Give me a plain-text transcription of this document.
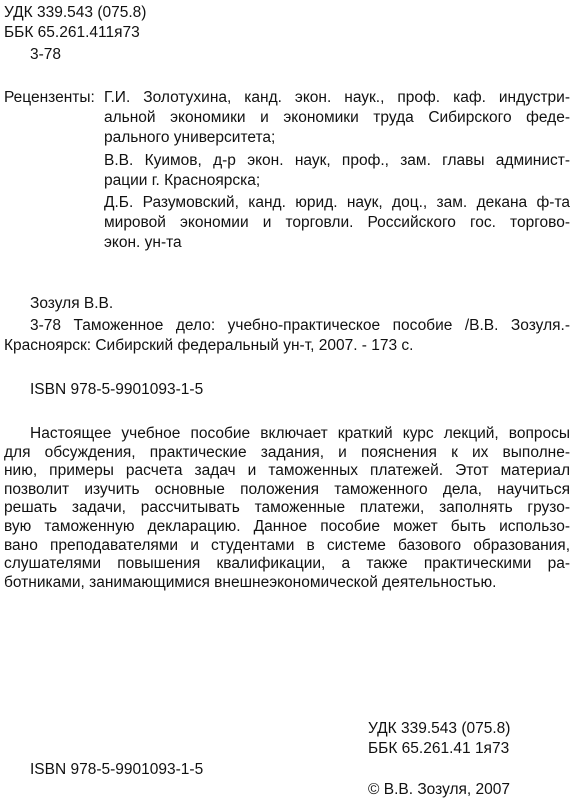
УДК 339.543 (075.8)
ББК 65.261.411я73
3-78
Рецензенты: Г.И. Золотухина, канд. экон. наук., проф. каф. индустри-
альной экономики и экономики труда Сибирского феде-
рального университета;
В.В. Куимов, д-р экон. наук, проф., зам. главы админист-
рации г. Красноярска;
Д.Б. Разумовский, канд. юрид. наук, доц., зам. декана ф-та
мировой экономии и торговли. Российского гос. торгово-
экон. ун-та
Зозуля В.В.
3-78 Таможенное дело: учебно-практическое пособие /В.В. Зозуля.-
Красноярск: Сибирский федеральный ун-т, 2007. - 173 с.
ISBN 978-5-9901093-1-5
Настоящее учебное пособие включает краткий курс лекций, вопросы
для обсуждения, практические задания, и пояснения к их выполне-
нию, примеры расчета задач и таможенных платежей. Этот материал
позволит изучить основные положения таможенного дела, научиться
решать задачи, рассчитывать таможенные платежи, заполнять грузо-
вую таможенную декларацию. Данное пособие может быть использо-
вано преподавателями и студентами в системе базового образования,
слушателями повышения квалификации, а также практическими ра-
ботниками, занимающимися внешнеэкономической деятельностью.
УДК 339.543 (075.8)
ББК 65.261.41 1я73
ISBN 978-5-9901093-1-5
© В.В. Зозуля, 2007
